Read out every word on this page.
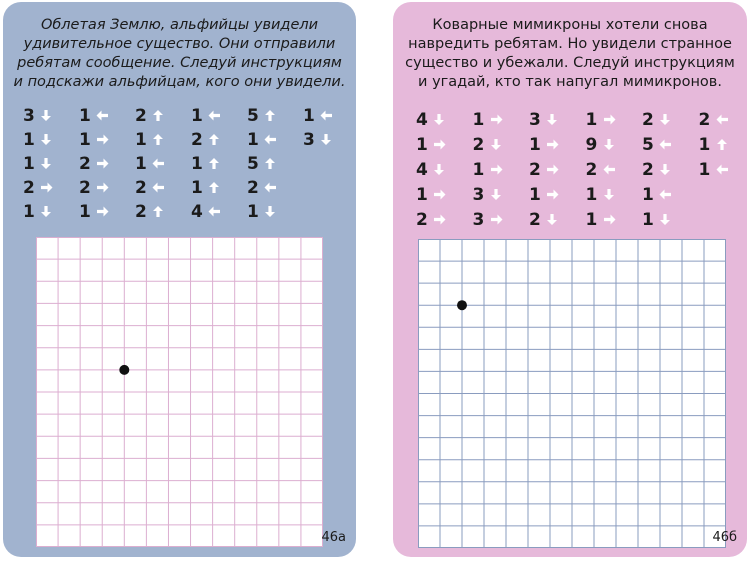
Облетая Землю, альфийцы увидели
удивительное существо. Они отправили
ребятам сообщение. Следуй инструкциям
и подскажи альфийцам, кого они увидели.

3
1
1
2
1
1
1
2
2
1
2
1
1
2
2
1
2
1
1
4
5
1
5
2
1
1
3
46а

Коварные мимикроны хотели снова
навредить ребятам. Но увидели странное
существо и убежали. Следуй инструкциям
и угадай, кто так напугал мимикронов.

4
1
4
1
2
1
2
1
3
3
3
1
2
1
2
1
9
2
1
1
2
5
2
1
1
2
1
1
46б
